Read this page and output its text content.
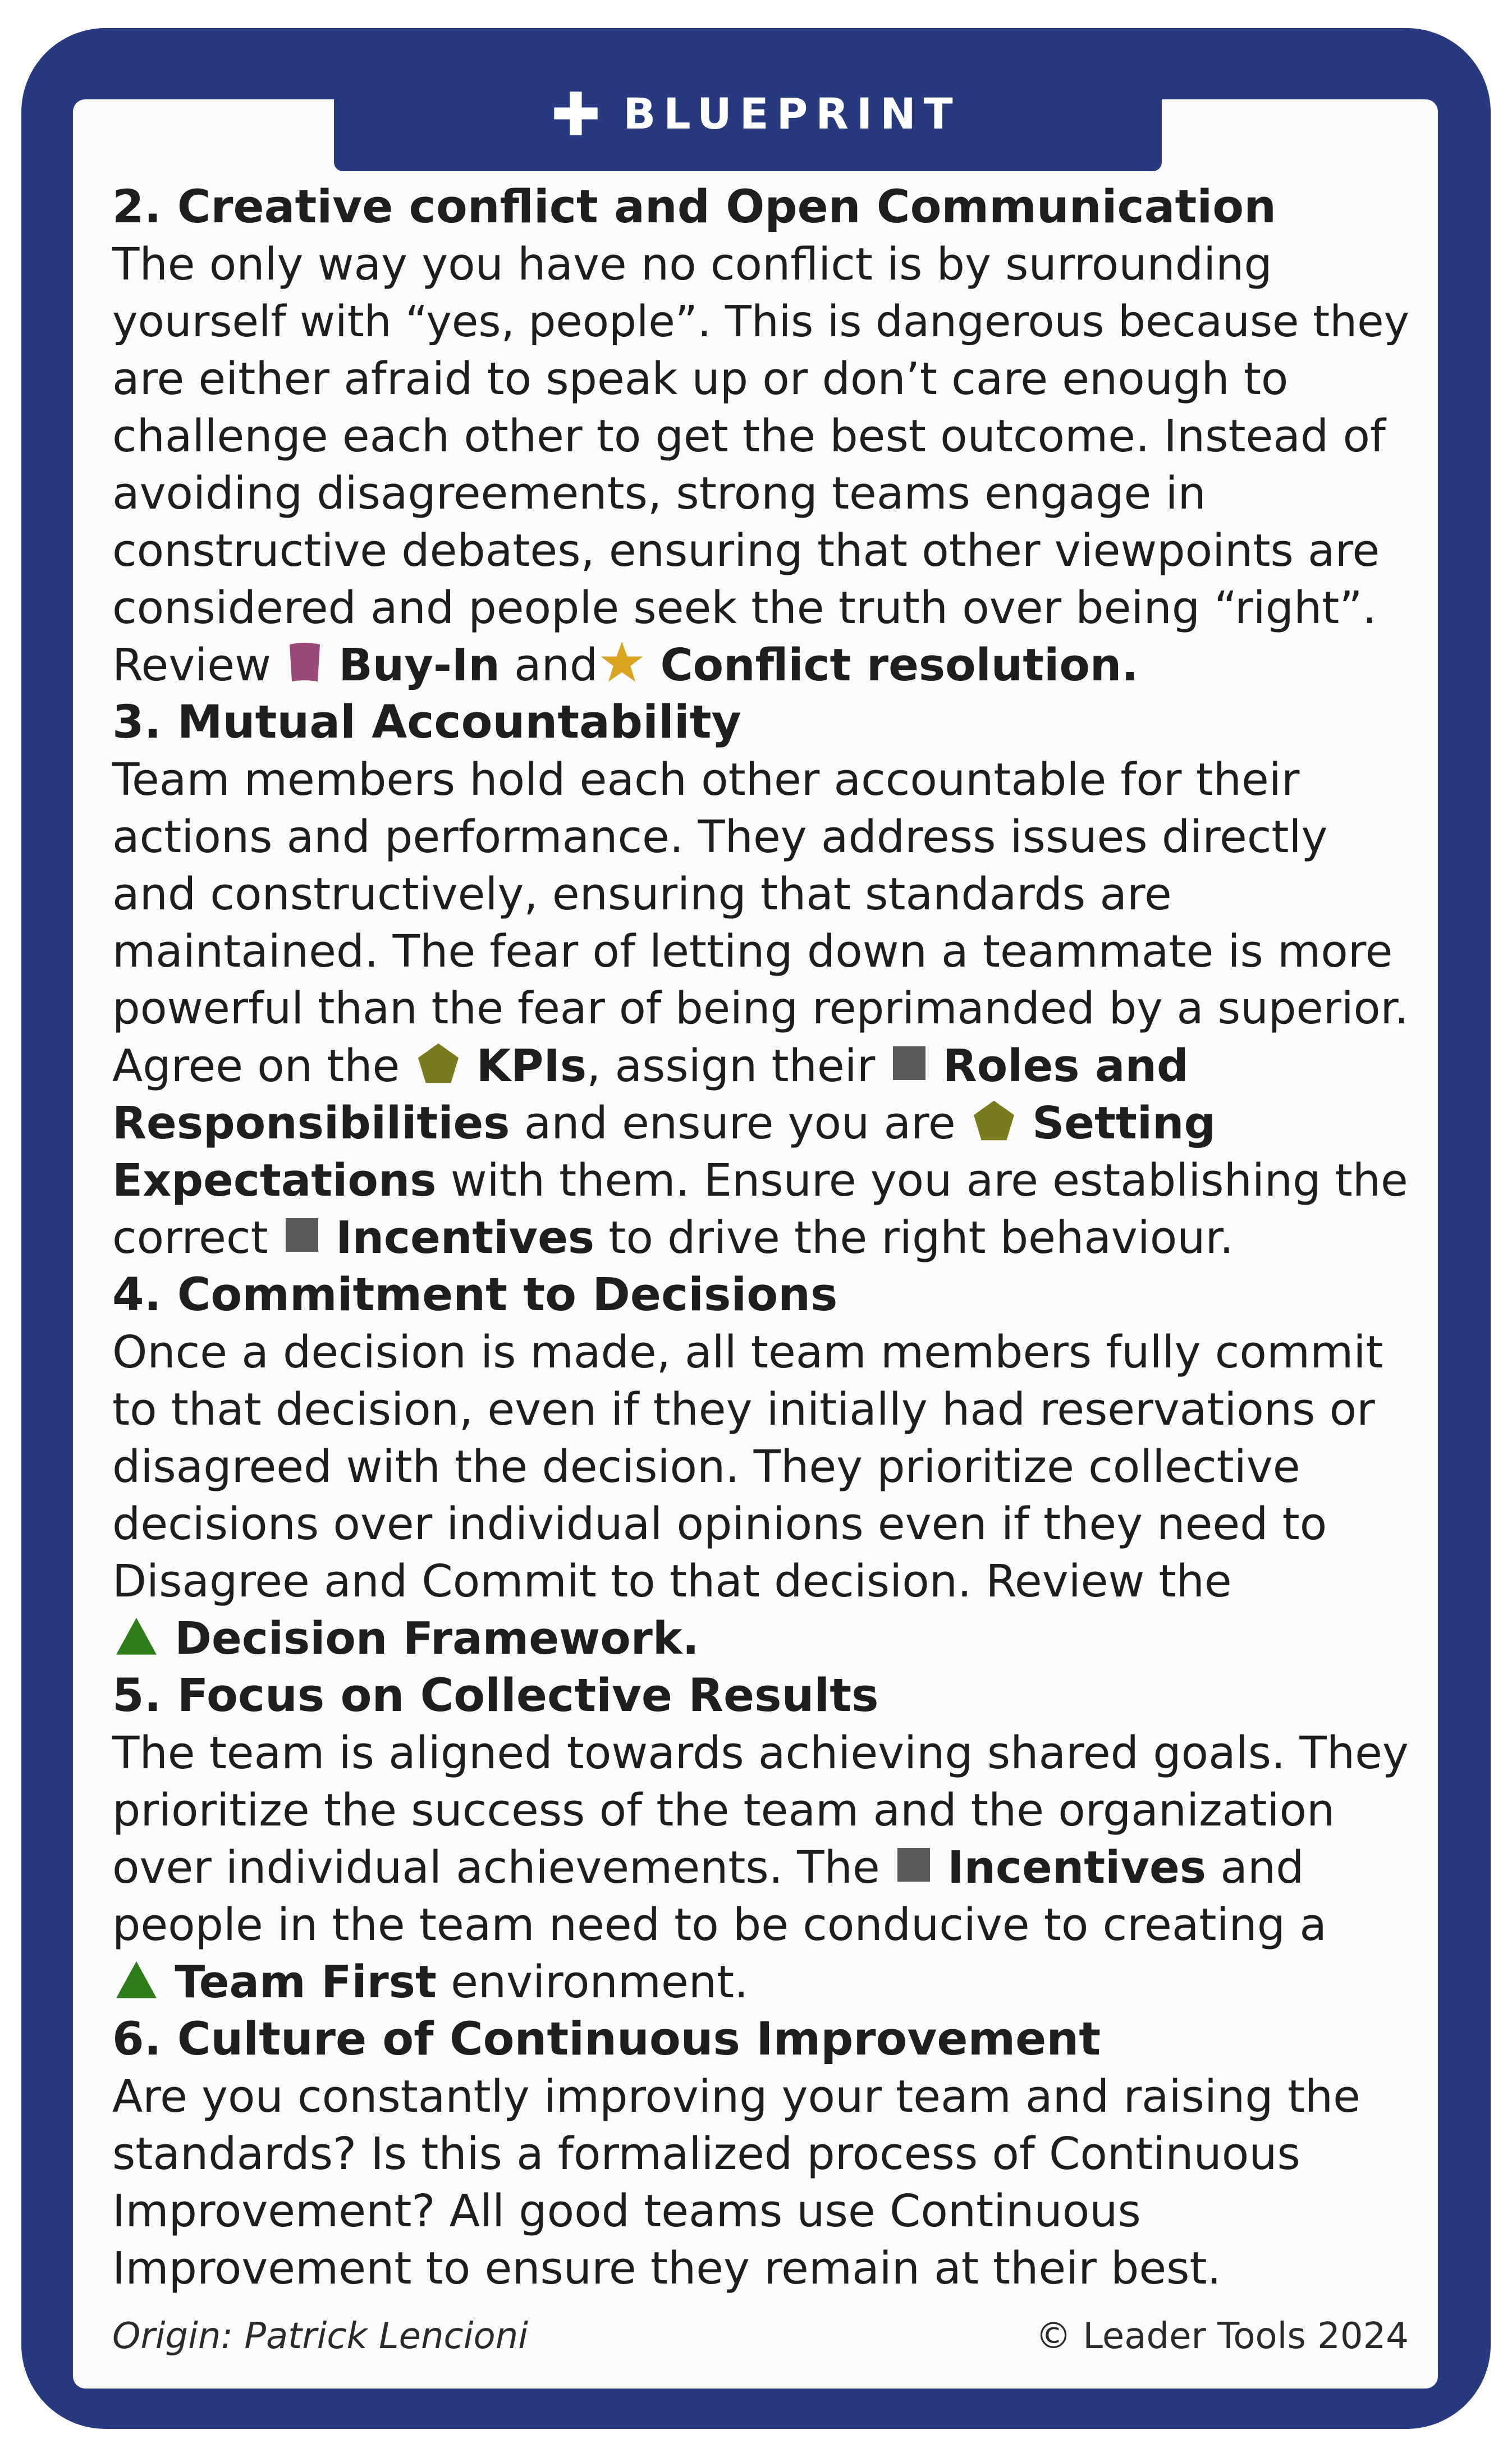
BLUEPRINT
2. Creative conflict and Open Communication
The only way you have no conflict is by surrounding
yourself with “yes, people”. This is dangerous because they
are either afraid to speak up or don’t care enough to
challenge each other to get the best outcome. Instead of
avoiding disagreements, strong teams engage in
constructive debates, ensuring that other viewpoints are
considered and people seek the truth over being “right”.
Review Buy-In and Conflict resolution.
3. Mutual Accountability
Team members hold each other accountable for their
actions and performance. They address issues directly
and constructively, ensuring that standards are
maintained. The fear of letting down a teammate is more
powerful than the fear of being reprimanded by a superior.
Agree on the KPIs, assign their Roles and
Responsibilities and ensure you are Setting
Expectations with them. Ensure you are establishing the
correct Incentives to drive the right behaviour.
4. Commitment to Decisions
Once a decision is made, all team members fully commit
to that decision, even if they initially had reservations or
disagreed with the decision. They prioritize collective
decisions over individual opinions even if they need to
Disagree and Commit to that decision. Review the
Decision Framework.
5. Focus on Collective Results
The team is aligned towards achieving shared goals. They
prioritize the success of the team and the organization
over individual achievements. The Incentives and
people in the team need to be conducive to creating a
Team First environment.
6. Culture of Continuous Improvement
Are you constantly improving your team and raising the
standards? Is this a formalized process of Continuous
Improvement? All good teams use Continuous
Improvement to ensure they remain at their best.
Origin: Patrick Lencioni	© Leader Tools 2024
